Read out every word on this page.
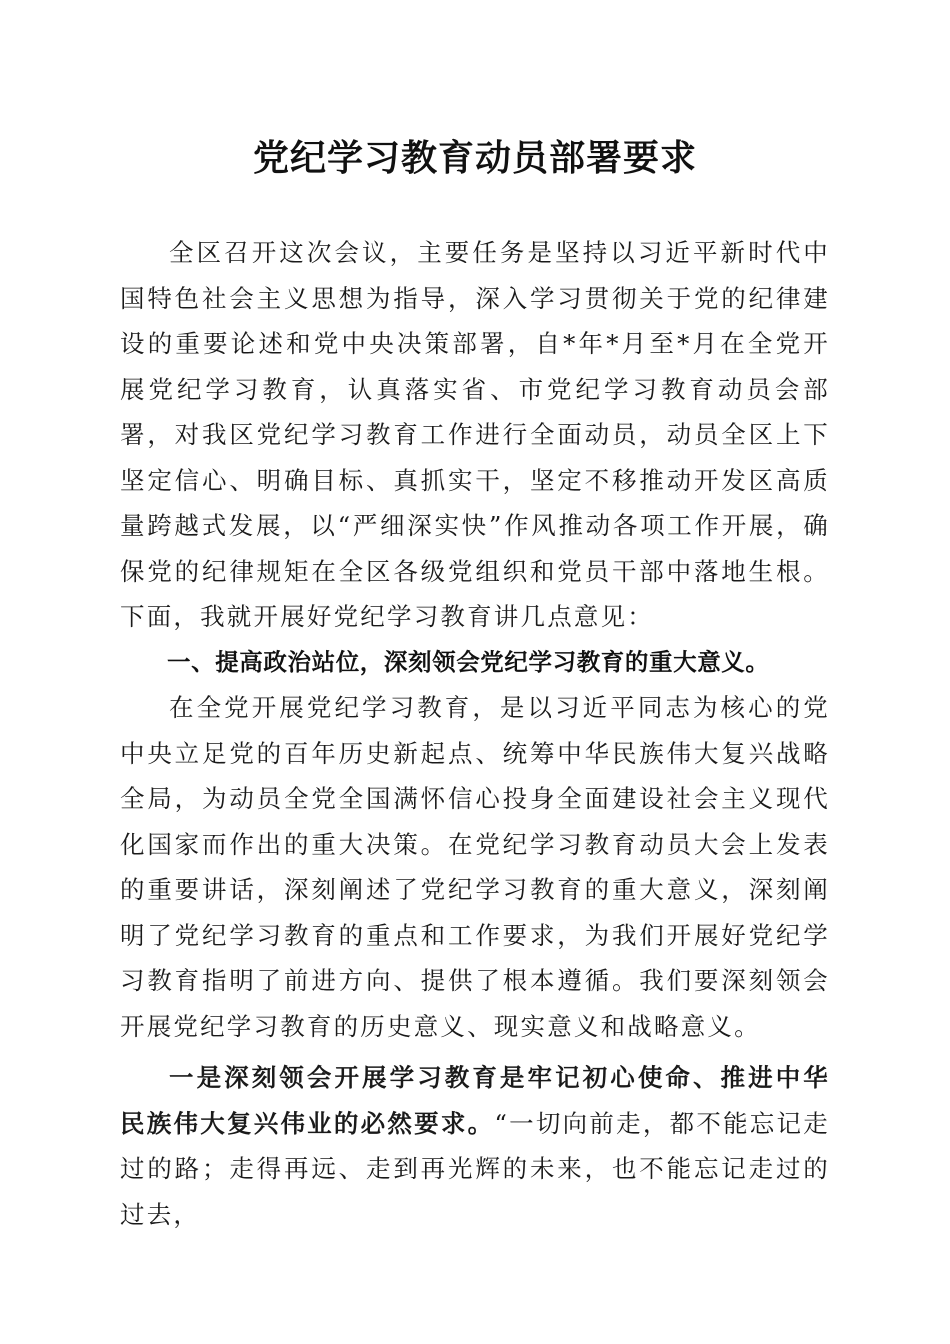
党纪学习教育动员部署要求

全区召开这次会议，主要任务是坚持以习近平新时代中国特色社会主义思想为指导，深入学习贯彻关于党的纪律建设的重要论述和党中央决策部署，自*年*月至*月在全党开展党纪学习教育，认真落实省、市党纪学习教育动员会部署，对我区党纪学习教育工作进行全面动员，动员全区上下坚定信心、明确目标、真抓实干，坚定不移推动开发区高质量跨越式发展，以“严细深实快”作风推动各项工作开展，确保党的纪律规矩在全区各级党组织和党员干部中落地生根。下面，我就开展好党纪学习教育讲几点意见：

一、提高政治站位，深刻领会党纪学习教育的重大意义。

在全党开展党纪学习教育，是以习近平同志为核心的党中央立足党的百年历史新起点、统筹中华民族伟大复兴战略全局，为动员全党全国满怀信心投身全面建设社会主义现代化国家而作出的重大决策。在党纪学习教育动员大会上发表的重要讲话，深刻阐述了党纪学习教育的重大意义，深刻阐明了党纪学习教育的重点和工作要求，为我们开展好党纪学习教育指明了前进方向、提供了根本遵循。我们要深刻领会开展党纪学习教育的历史意义、现实意义和战略意义。

一是深刻领会开展学习教育是牢记初心使命、推进中华民族伟大复兴伟业的必然要求。“一切向前走，都不能忘记走过的路；走得再远、走到再光辉的未来，也不能忘记走过的过去，
